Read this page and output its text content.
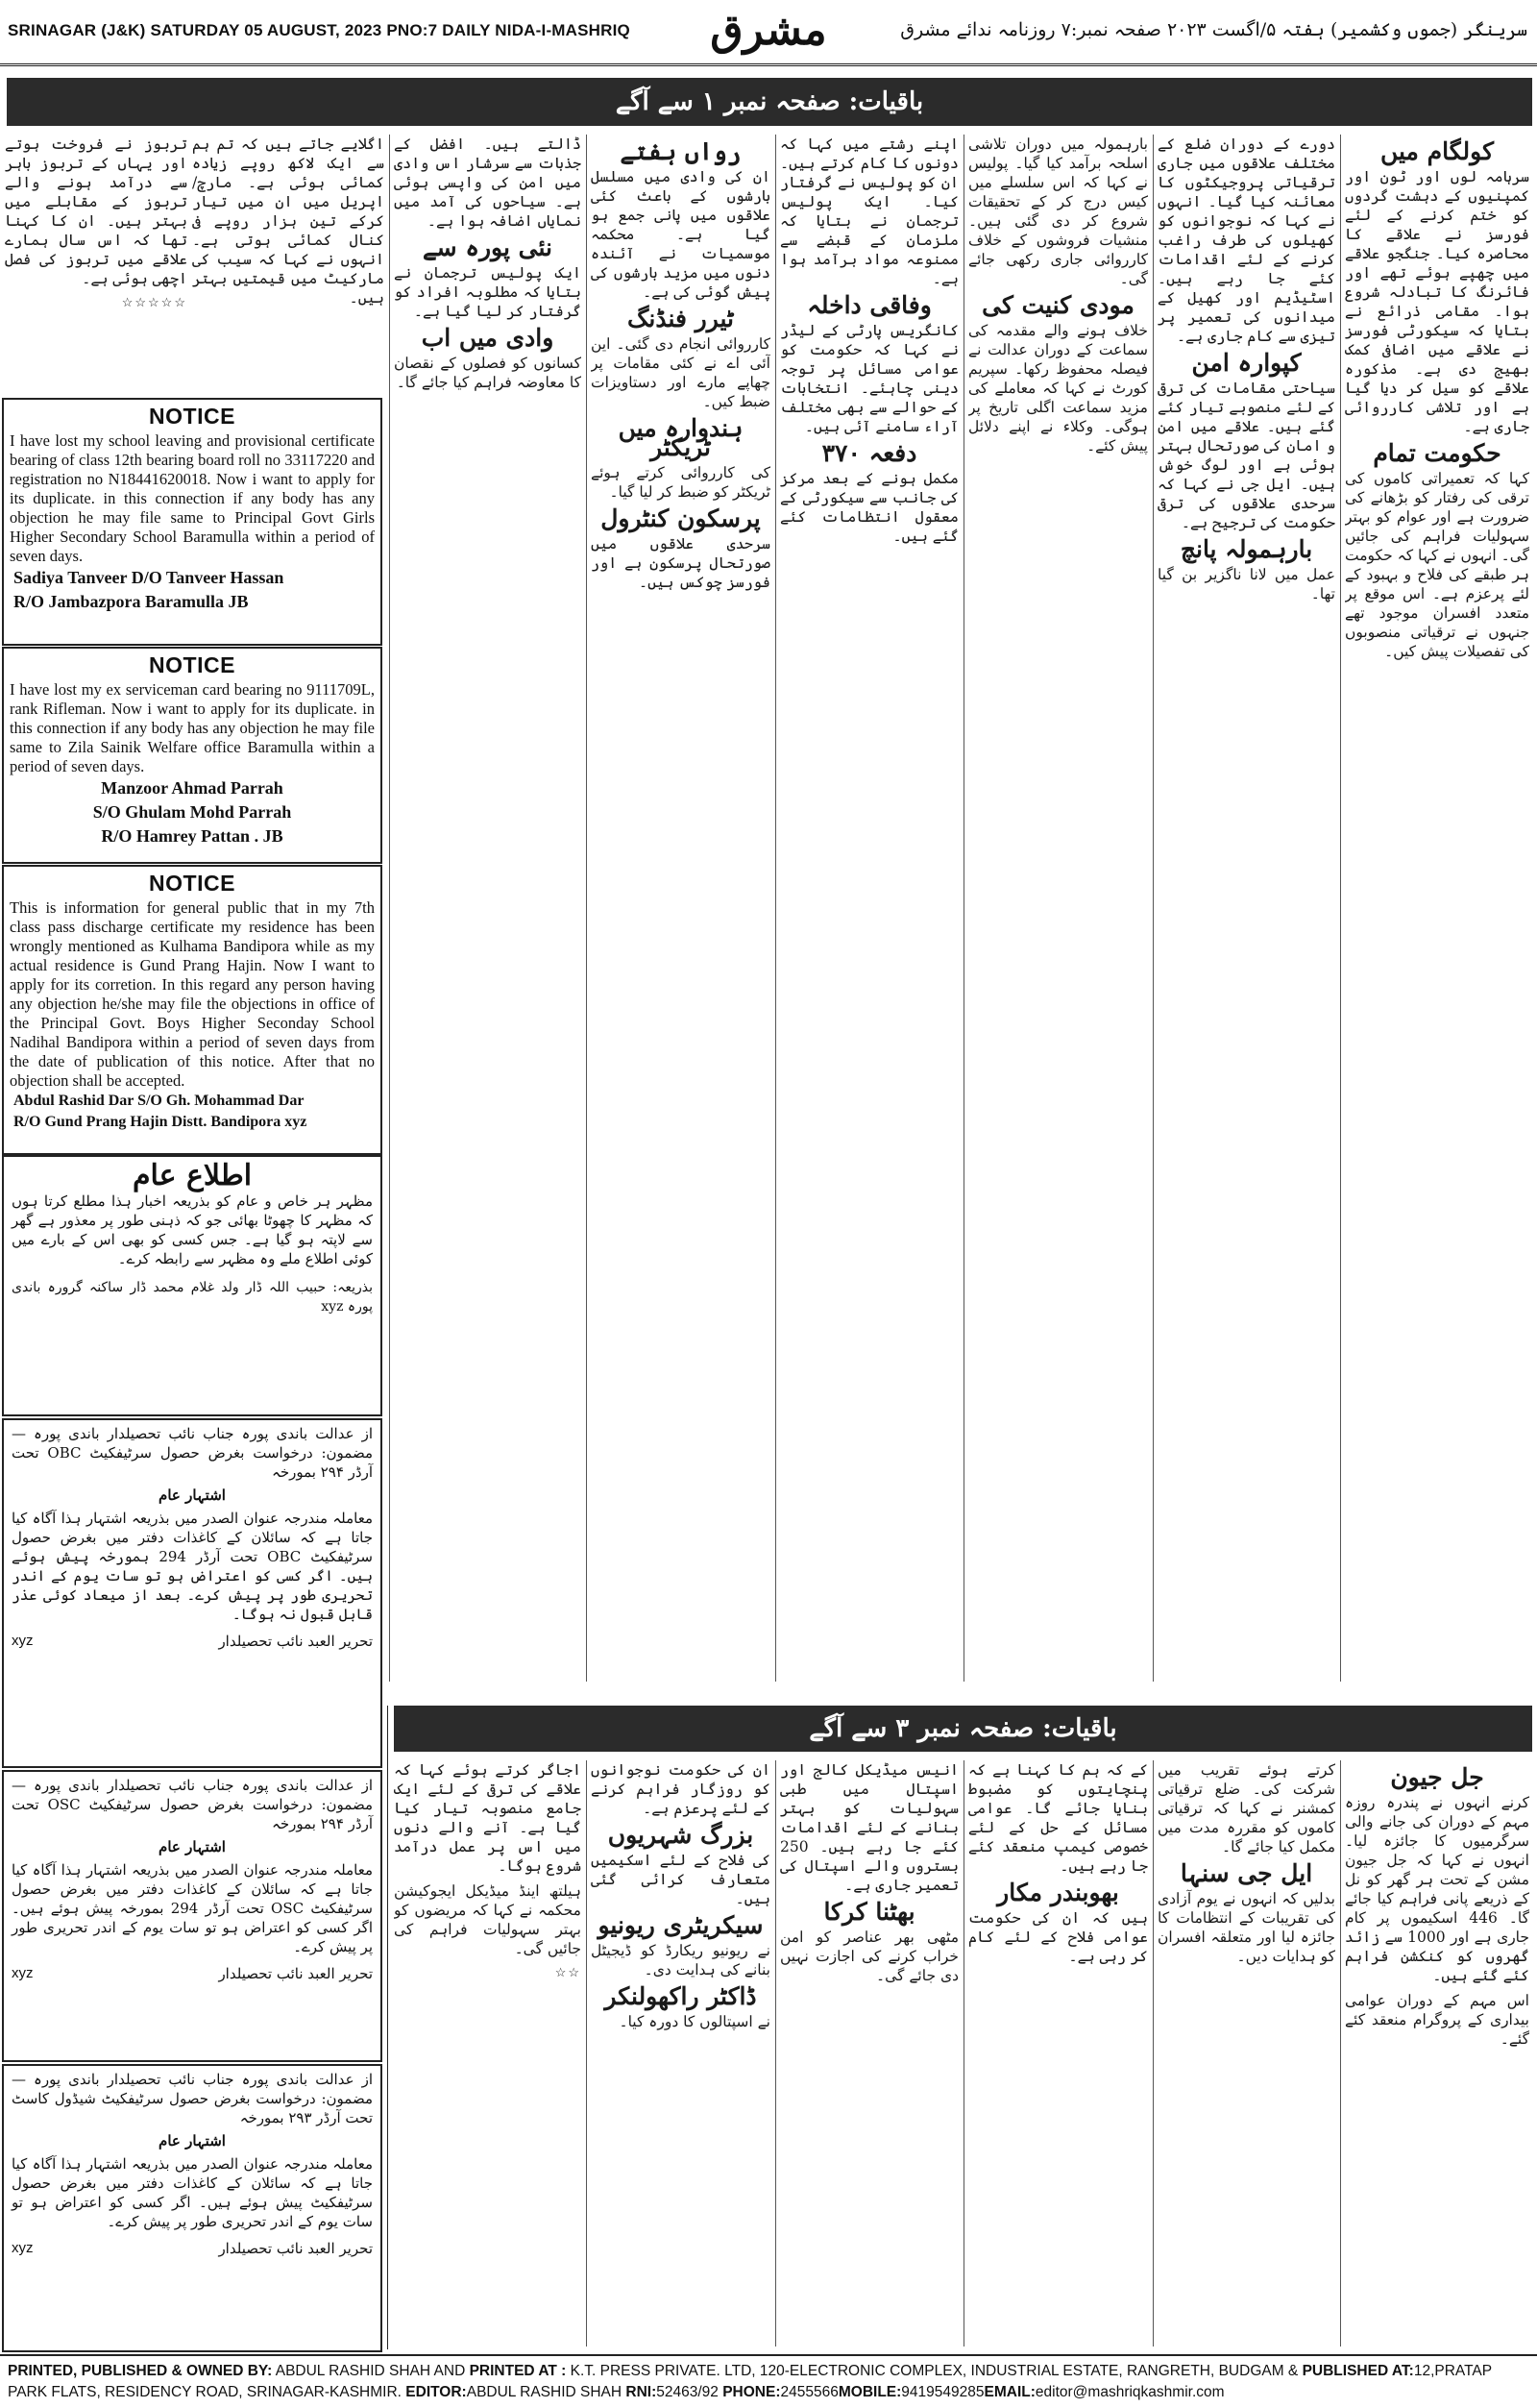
SRINAGAR (J&K) SATURDAY 05 AUGUST, 2023 PNO:7 DAILY NIDA-I-MASHRIQ	مشرق	سرینگر (جموں وکشمیر) ہفتہ ۵/اگست ۲۰۲۳ صفحہ نمبر:۷ روزنامہ ندائے مشرق
باقیات: صفحہ نمبر ۱ سے آگے
کولگام میں

سرہامہ لوں اور ٹون اور کمپنیوں کے دہشت گردوں کو ختم کرنے کے لئے فورسز نے علاقے کا محاصرہ کیا۔ جنگجو علاقے میں چھپے ہوئے تھے اور فائرنگ کا تبادلہ شروع ہوا۔ مقامی ذرائع نے بتایا کہ سیکورٹی فورسز نے علاقے میں اضافی کمک بھیج دی ہے۔ مذکورہ علاقے کو سیل کر دیا گیا ہے اور تلاشی کارروائی جاری ہے۔

حکومت تمام

کہا کہ تعمیراتی کاموں کی ترقی کی رفتار کو بڑھانے کی ضرورت ہے اور عوام کو بہتر سہولیات فراہم کی جائیں گی۔ انہوں نے کہا کہ حکومت ہر طبقے کی فلاح و بہبود کے لئے پرعزم ہے۔ اس موقع پر متعدد افسران موجود تھے جنہوں نے ترقیاتی منصوبوں کی تفصیلات پیش کیں۔

دورے کے دوران ضلع کے مختلف علاقوں میں جاری ترقیاتی پروجیکٹوں کا معائنہ کیا گیا۔ انہوں نے کہا کہ نوجوانوں کو کھیلوں کی طرف راغب کرنے کے لئے اقدامات کئے جا رہے ہیں۔ اسٹیڈیم اور کھیل کے میدانوں کی تعمیر پر تیزی سے کام جاری ہے۔

کپوارہ امن

سیاحتی مقامات کی ترقی کے لئے منصوبے تیار کئے گئے ہیں۔ علاقے میں امن و امان کی صورتحال بہتر ہوئی ہے اور لوگ خوش ہیں۔ ایل جی نے کہا کہ سرحدی علاقوں کی ترقی حکومت کی ترجیح ہے۔

بارہمولہ پانچ

عمل میں لانا ناگزیر بن گیا تھا۔

بارہمولہ میں دوران تلاشی اسلحہ برآمد کیا گیا۔ پولیس نے کہا کہ اس سلسلے میں کیس درج کر کے تحقیقات شروع کر دی گئی ہیں۔ منشیات فروشوں کے خلاف کارروائی جاری رکھی جائے گی۔

مودی کنیت کی

خلاف ہونے والے مقدمہ کی سماعت کے دوران عدالت نے فیصلہ محفوظ رکھا۔ سپریم کورٹ نے کہا کہ معاملے کی مزید سماعت اگلی تاریخ پر ہوگی۔ وکلاء نے اپنے دلائل پیش کئے۔

اپنے رشتے میں کہا کہ دونوں کا کام کرتے ہیں۔ ان کو پولیس نے گرفتار کیا۔ ایک پولیس ترجمان نے بتایا کہ ملزمان کے قبضے سے ممنوعہ مواد برآمد ہوا ہے۔

وفاقی داخلہ

کانگریس پارٹی کے لیڈر نے کہا کہ حکومت کو عوامی مسائل پر توجہ دینی چاہئے۔ انتخابات کے حوالے سے بھی مختلف آراء سامنے آئی ہیں۔

دفعہ ۳۷۰

مکمل ہونے کے بعد مرکز کی جانب سے سیکورٹی کے معقول انتظامات کئے گئے ہیں۔

رواں ہفتے

ان کی وادی میں مسلسل بارشوں کے باعث کئی علاقوں میں پانی جمع ہو گیا ہے۔ محکمہ موسمیات نے آئندہ دنوں میں مزید بارشوں کی پیش گوئی کی ہے۔

ٹیرر فنڈنگ

کارروائی انجام دی گئی۔ این آئی اے نے کئی مقامات پر چھاپے مارے اور دستاویزات ضبط کیں۔

ہندوارہ میں ٹریکٹر

کی کارروائی کرتے ہوئے ٹریکٹر کو ضبط کر لیا گیا۔

پرسکون کنٹرول

سرحدی علاقوں میں صورتحال پرسکون ہے اور فورسز چوکس ہیں۔

ڈالتے ہیں۔ افضل کے جذبات سے سرشار اس وادی میں امن کی واپسی ہوئی ہے۔ سیاحوں کی آمد میں نمایاں اضافہ ہوا ہے۔

نئی پورہ سے

ایک پولیس ترجمان نے بتایا کہ مطلوبہ افراد کو گرفتار کر لیا گیا ہے۔

وادی میں اب

کسانوں کو فصلوں کے نقصان کا معاوضہ فراہم کیا جائے گا۔

اگلایے جاتے ہیں کہ تم ہم سے ایک لاکھ روپے زیادہ کمائی ہوئی ہے۔ مارچ/اپریل میں ان میں تیار کرکے تین ہزار روپے فی کنال کمائی ہوتی ہے۔ انہوں نے کہا کہ سیب کی مارکیٹ میں قیمتیں بہتر ہیں۔

تربوز نے فروخت ہوتے اور یہاں کے تربوز باہر سے درآمد ہونے والے تربوز کے مقابلے میں بہتر ہیں۔ ان کا کہنا تھا کہ اس سال ہمارے علاقے میں تربوز کی فصل اچھی ہوئی ہے۔

☆☆☆☆☆

NOTICE
I have lost my school leaving and provisional certificate bearing of class 12th bearing board roll no 33117220 and registration no N18441620018. Now i want to apply for its duplicate. in this connection if any body has any objection he may file same to Principal Govt Girls Higher Secondary School Baramulla within a period of seven days.
Sadiya Tanveer D/O Tanveer Hassan
R/O Jambazpora Baramulla JB
NOTICE
I have lost my ex serviceman card bearing no 9111709L, rank Rifleman. Now i want to apply for its duplicate. in this connection if any body has any objection he may file same to Zila Sainik Welfare office Baramulla within a period of seven days.
Manzoor Ahmad Parrah
S/O Ghulam Mohd Parrah
R/O Hamrey Pattan . JB
NOTICE
This is information for general public that in my 7th class pass discharge certificate my residence has been wrongly mentioned as Kulhama Bandipora while as my actual residence is Gund Prang Hajin. Now I want to apply for its corretion. In this regard any person having any objection he/she may file the objections in office of the Principal Govt. Boys Higher Seconday School Nadihal Bandipora within a period of seven days from the date of publication of this notice. After that no objection shall be accepted.
Abdul Rashid Dar S/O Gh. Mohammad Dar
R/O Gund Prang Hajin Distt. Bandipora xyz
اطلاع عام
مظہر ہر خاص و عام کو بذریعہ اخبار ہذا مطلع کرتا ہوں کہ مظہر کا چھوٹا بھائی جو کہ ذہنی طور پر معذور ہے گھر سے لاپتہ ہو گیا ہے۔ جس کسی کو بھی اس کے بارے میں کوئی اطلاع ملے وہ مظہر سے رابطہ کرے۔
بذریعہ: حبیب اللہ ڈار ولد غلام محمد ڈار ساکنہ گرورہ باندی پورہ xyz
از عدالت باندی پورہ جناب نائب تحصیلدار باندی پورہ — مضمون: درخواست بغرض حصول سرٹیفکیٹ OBC تحت آرڈر ۲۹۴ بمورخہ
اشتہار عام
معاملہ مندرجہ عنوان الصدر میں بذریعہ اشتہار ہذا آگاہ کیا جاتا ہے کہ سائلان کے کاغذات دفتر میں بغرض حصول سرٹیفکیٹ OBC تحت آرڈر 294 بمورخہ پیش ہوئے ہیں۔ اگر کسی کو اعتراض ہو تو سات یوم کے اندر تحریری طور پر پیش کرے۔ بعد از میعاد کوئی عذر قابل قبول نہ ہوگا۔
تحریر العبد نائب تحصیلدار
xyz
از عدالت باندی پورہ جناب نائب تحصیلدار باندی پورہ — مضمون: درخواست بغرض حصول سرٹیفکیٹ OSC تحت آرڈر ۲۹۴ بمورخہ
اشتہار عام
معاملہ مندرجہ عنوان الصدر میں بذریعہ اشتہار ہذا آگاہ کیا جاتا ہے کہ سائلان کے کاغذات دفتر میں بغرض حصول سرٹیفکیٹ OSC تحت آرڈر 294 بمورخہ پیش ہوئے ہیں۔ اگر کسی کو اعتراض ہو تو سات یوم کے اندر تحریری طور پر پیش کرے۔
تحریر العبد نائب تحصیلدار
xyz
از عدالت باندی پورہ جناب نائب تحصیلدار باندی پورہ — مضمون: درخواست بغرض حصول سرٹیفکیٹ شیڈول کاسٹ تحت آرڈر ۲۹۳ بمورخہ
اشتہار عام
معاملہ مندرجہ عنوان الصدر میں بذریعہ اشتہار ہذا آگاہ کیا جاتا ہے کہ سائلان کے کاغذات دفتر میں بغرض حصول سرٹیفکیٹ پیش ہوئے ہیں۔ اگر کسی کو اعتراض ہو تو سات یوم کے اندر تحریری طور پر پیش کرے۔
تحریر العبد نائب تحصیلدار
xyz
باقیات: صفحہ نمبر ۳ سے آگے
جل جیون

کرنے انہوں نے پندرہ روزہ مہم کے دوران کی جانے والی سرگرمیوں کا جائزہ لیا۔ انہوں نے کہا کہ جل جیون مشن کے تحت ہر گھر کو نل کے ذریعے پانی فراہم کیا جائے گا۔ 446 اسکیموں پر کام جاری ہے اور 1000 سے زائد گھروں کو کنکشن فراہم کئے گئے ہیں۔

اس مہم کے دوران عوامی بیداری کے پروگرام منعقد کئے گئے۔

کرتے ہوئے تقریب میں شرکت کی۔ ضلع ترقیاتی کمشنر نے کہا کہ ترقیاتی کاموں کو مقررہ مدت میں مکمل کیا جائے گا۔

ایل جی سنہا

بدلیں کہ انہوں نے یوم آزادی کی تقریبات کے انتظامات کا جائزہ لیا اور متعلقہ افسران کو ہدایات دیں۔

کے کہ ہم کا کہنا ہے کہ پنچایتوں کو مضبوط بنایا جائے گا۔ عوامی مسائل کے حل کے لئے خصوصی کیمپ منعقد کئے جا رہے ہیں۔

بھوبندر مکار

ہیں کہ ان کی حکومت عوامی فلاح کے لئے کام کر رہی ہے۔

انیس میڈیکل کالج اور اسپتال میں طبی سہولیات کو بہتر بنانے کے لئے اقدامات کئے جا رہے ہیں۔ 250 بستروں والے اسپتال کی تعمیر جاری ہے۔

بھٹنا کرکا

مٹھی بھر عناصر کو امن خراب کرنے کی اجازت نہیں دی جائے گی۔

ان کی حکومت نوجوانوں کو روزگار فراہم کرنے کے لئے پرعزم ہے۔

بزرگ شہریوں

کی فلاح کے لئے اسکیمیں متعارف کرائی گئی ہیں۔

سیکریٹری ریونیو

نے ریونیو ریکارڈ کو ڈیجیٹل بنانے کی ہدایت دی۔

ڈاکٹر راکھولنکر

نے اسپتالوں کا دورہ کیا۔

اجاگر کرتے ہوئے کہا کہ علاقے کی ترقی کے لئے ایک جامع منصوبہ تیار کیا گیا ہے۔ آنے والے دنوں میں اس پر عمل درآمد شروع ہوگا۔

ہیلتھ اینڈ میڈیکل ایجوکیشن محکمہ نے کہا کہ مریضوں کو بہتر سہولیات فراہم کی جائیں گی۔

☆☆

PRINTED, PUBLISHED & OWNED BY: ABDUL RASHID SHAH AND PRINTED AT : K.T. PRESS PRIVATE. LTD, 120-ELECTRONIC COMPLEX, INDUSTRIAL ESTATE, RANGRETH, BUDGAM & PUBLISHED AT:12,PRATAP
PARK FLATS, RESIDENCY ROAD, SRINAGAR-KASHMIR. EDITOR:ABDUL RASHID SHAH RNI:52463/92 PHONE:2455566MOBILE:9419549285EMAIL:editor@mashriqkashmir.com
